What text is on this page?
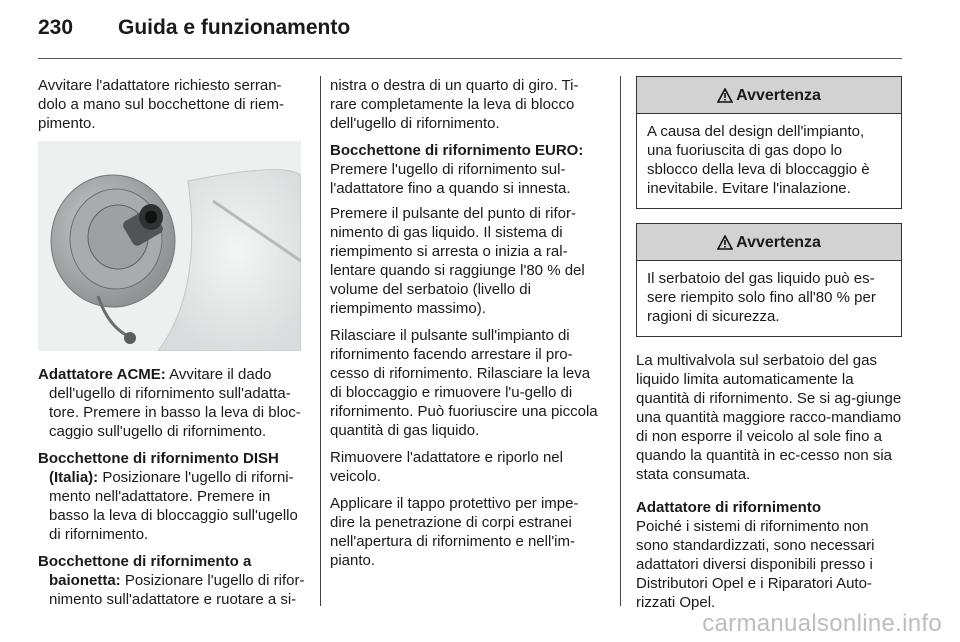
230 Guida e funzionamento

Avvitare l'adattatore richiesto serran-dolo a mano sul bocchettone di riem-pimento.

Adattatore ACME: Avvitare il dado dell'ugello di rifornimento sull'adatta-tore. Premere in basso la leva di bloc-caggio sull'ugello di rifornimento.

Bocchettone di rifornimento DISH (Italia): Posizionare l'ugello di riforni-mento nell'adattatore. Premere in basso la leva di bloccaggio sull'ugello di rifornimento.

Bocchettone di rifornimento a baionetta: Posizionare l'ugello di rifor-nimento sull'adattatore e ruotare a si-

nistra o destra di un quarto di giro. Ti-rare completamente la leva di blocco dell'ugello di rifornimento.

Bocchettone di rifornimento EURO: Premere l'ugello di rifornimento sul-l'adattatore fino a quando si innesta.

Premere il pulsante del punto di rifor-nimento di gas liquido. Il sistema di riempimento si arresta o inizia a ral-lentare quando si raggiunge l'80 % del volume del serbatoio (livello di riempimento massimo).

Rilasciare il pulsante sull'impianto di rifornimento facendo arrestare il pro-cesso di rifornimento. Rilasciare la leva di bloccaggio e rimuovere l'u-gello di rifornimento. Può fuoriuscire una piccola quantità di gas liquido.

Rimuovere l'adattatore e riporlo nel veicolo.

Applicare il tappo protettivo per impe-dire la penetrazione di corpi estranei nell'apertura di rifornimento e nell'im-pianto.

Avvertenza
A causa del design dell'impianto, una fuoriuscita di gas dopo lo sblocco della leva di bloccaggio è inevitabile. Evitare l'inalazione.
Avvertenza
Il serbatoio del gas liquido può es-sere riempito solo fino all'80 % per ragioni di sicurezza.

La multivalvola sul serbatoio del gas liquido limita automaticamente la quantità di rifornimento. Se si ag-giunge una quantità maggiore racco-mandiamo di non esporre il veicolo al sole fino a quando la quantità in ec-cesso non sia stata consumata.

Adattatore di rifornimento

Poiché i sistemi di rifornimento non sono standardizzati, sono necessari adattatori diversi disponibili presso i Distributori Opel e i Riparatori Auto-rizzati Opel.

carmanualsonline.info
